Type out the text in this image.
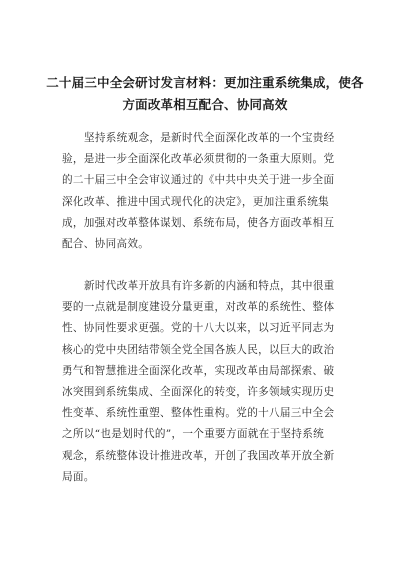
二十届三中全会研讨发言材料：更加注重系统集成，使各
方面改革相互配合、协同高效
坚持系统观念，是新时代全面深化改革的一个宝贵经
验，是进一步全面深化改革必须贯彻的一条重大原则。党
的二十届三中全会审议通过的《中共中央关于进一步全面
深化改革、推进中国式现代化的决定》，更加注重系统集
成，加强对改革整体谋划、系统布局，使各方面改革相互
配合、协同高效。
新时代改革开放具有许多新的内涵和特点，其中很重
要的一点就是制度建设分量更重，对改革的系统性、整体
性、协同性要求更强。党的十八大以来，以习近平同志为
核心的党中央团结带领全党全国各族人民，以巨大的政治
勇气和智慧推进全面深化改革，实现改革由局部探索、破
冰突围到系统集成、全面深化的转变，许多领域实现历史
性变革、系统性重塑、整体性重构。党的十八届三中全会
之所以“也是划时代的”，一个重要方面就在于坚持系统
观念，系统整体设计推进改革，开创了我国改革开放全新
局面。
